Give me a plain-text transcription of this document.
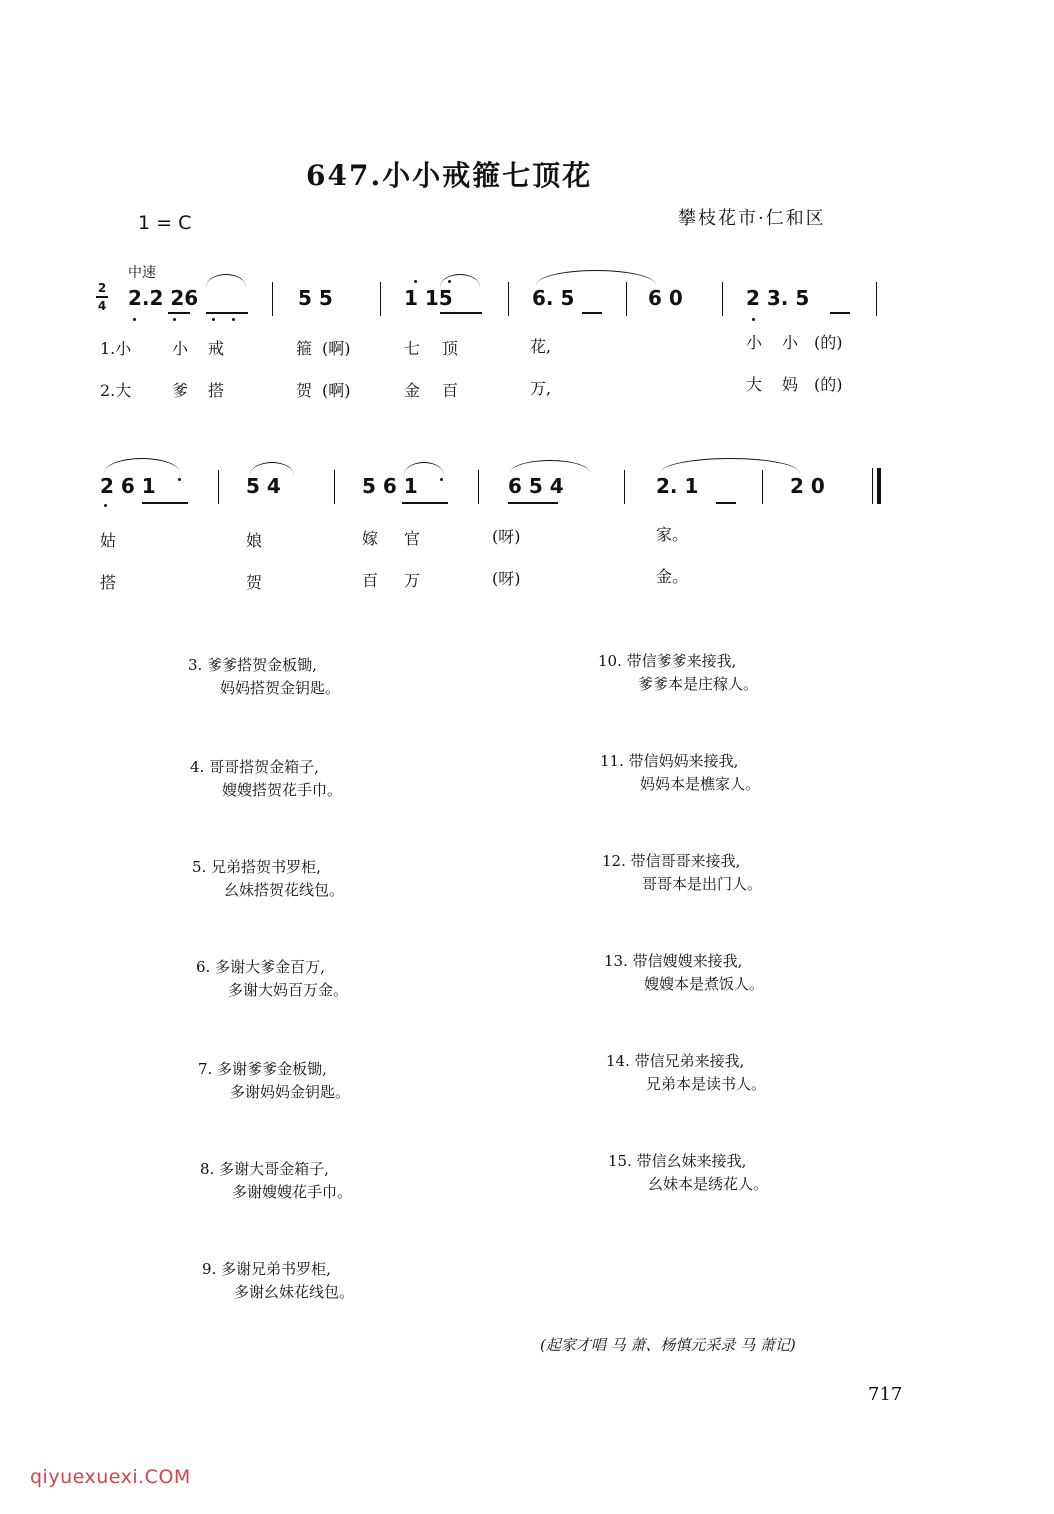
647.小小戒箍七顶花
1 = C	攀枝花市·仁和区
中速
2
4 2.2 26	5 5	1 15	6. 5	6 0	2 3. 5
1.小	小 戒	箍 (啊)	七 顶	花,	小 小 (的)
2.大	爹 搭	贺 (啊)	金 百	万,	大 妈 (的)
2 6 1	5 4	5 6 1	6 5 4	2. 1	2 0
姑	娘	嫁 官	(呀)	家。
搭	贺	百 万	(呀)	金。
3. 爹爹搭贺金板锄,
妈妈搭贺金钥匙。
4. 哥哥搭贺金箱子,
嫂嫂搭贺花手巾。
5. 兄弟搭贺书罗柜,
幺妹搭贺花线包。
6. 多谢大爹金百万,
多谢大妈百万金。
7. 多谢爹爹金板锄,
多谢妈妈金钥匙。
8. 多谢大哥金箱子,
多谢嫂嫂花手巾。
9. 多谢兄弟书罗柜,
多谢幺妹花线包。
10. 带信爹爹来接我,
爹爹本是庄稼人。
11. 带信妈妈来接我,
妈妈本是樵家人。
12. 带信哥哥来接我,
哥哥本是出门人。
13. 带信嫂嫂来接我,
嫂嫂本是煮饭人。
14. 带信兄弟来接我,
兄弟本是读书人。
15. 带信幺妹来接我,
幺妹本是绣花人。
(起家才唱 马 萧、杨慎元采录 马 萧记)
717
qiyuexuexi.COM
